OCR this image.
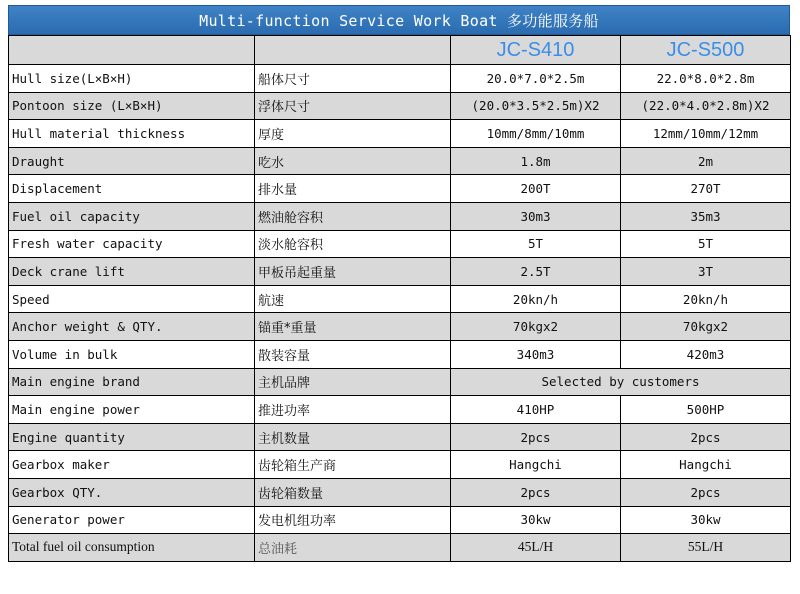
Multi-function Service Work Boat 多功能服务船
		JC-S410	JC-S500
Hull size(L×B×H)	船体尺寸	20.0*7.0*2.5m	22.0*8.0*2.8m
Pontoon size (L×B×H)	浮体尺寸	(20.0*3.5*2.5m)X2	(22.0*4.0*2.8m)X2
Hull material thickness	厚度	10mm/8mm/10mm	12mm/10mm/12mm
Draught	吃水	1.8m	2m
Displacement	排水量	200T	270T
Fuel oil capacity	燃油舱容积	30m3	35m3
Fresh water capacity	淡水舱容积	5T	5T
Deck crane lift	甲板吊起重量	2.5T	3T
Speed	航速	20kn/h	20kn/h
Anchor weight & QTY.	锚重*重量	70kgx2	70kgx2
Volume in bulk	散装容量	340m3	420m3
Main engine brand	主机品牌	Selected by customers	
Main engine power	推进功率	410HP	500HP
Engine quantity	主机数量	2pcs	2pcs
Gearbox maker	齿轮箱生产商	Hangchi	Hangchi
Gearbox QTY.	齿轮箱数量	2pcs	2pcs
Generator power	发电机组功率	30kw	30kw
Total fuel oil consumption	总油耗	45L/H	55L/H
